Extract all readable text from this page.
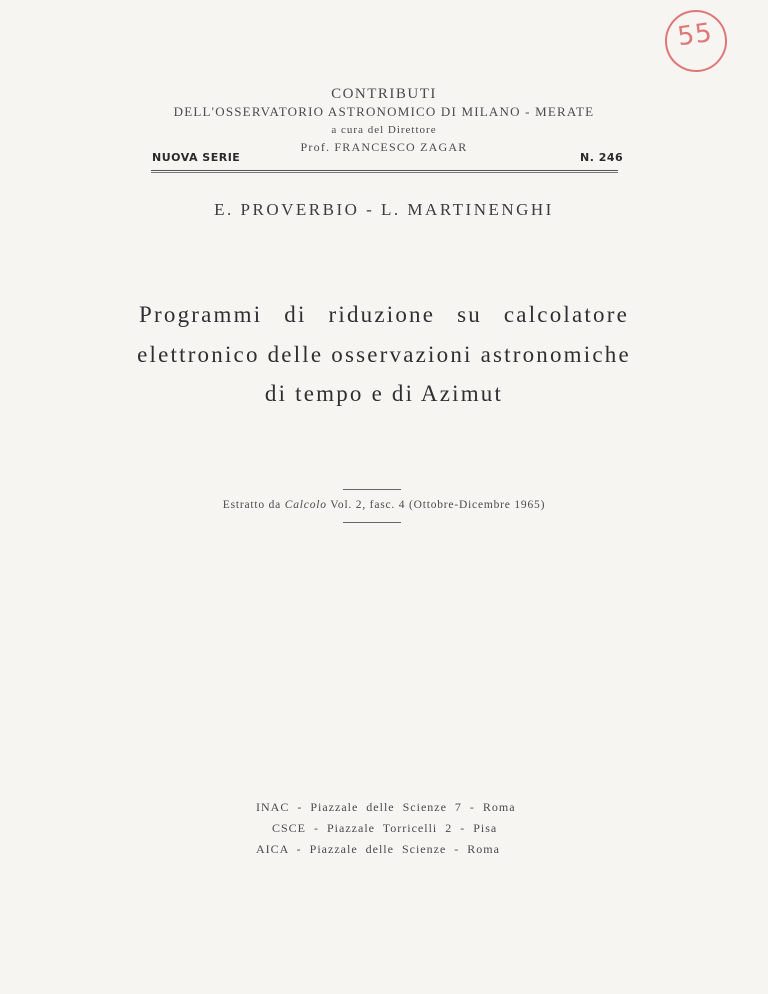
55
CONTRIBUTI
DELL'OSSERVATORIO ASTRONOMICO DI MILANO - MERATE
a cura del Direttore
Prof. FRANCESCO ZAGAR
NUOVA SERIE	N. 246
E. PROVERBIO - L. MARTINENGHI
Programmi di riduzione su calcolatore
elettronico delle osservazioni astronomiche
di tempo e di Azimut
Estratto da Calcolo Vol. 2, fasc. 4 (Ottobre-Dicembre 1965)
INAC  -  Piazzale  delle  Scienze  7  -  Roma
CSCE  -  Piazzale  Torricelli  2  -  Pisa
AICA  -  Piazzale  delle  Scienze  -  Roma
